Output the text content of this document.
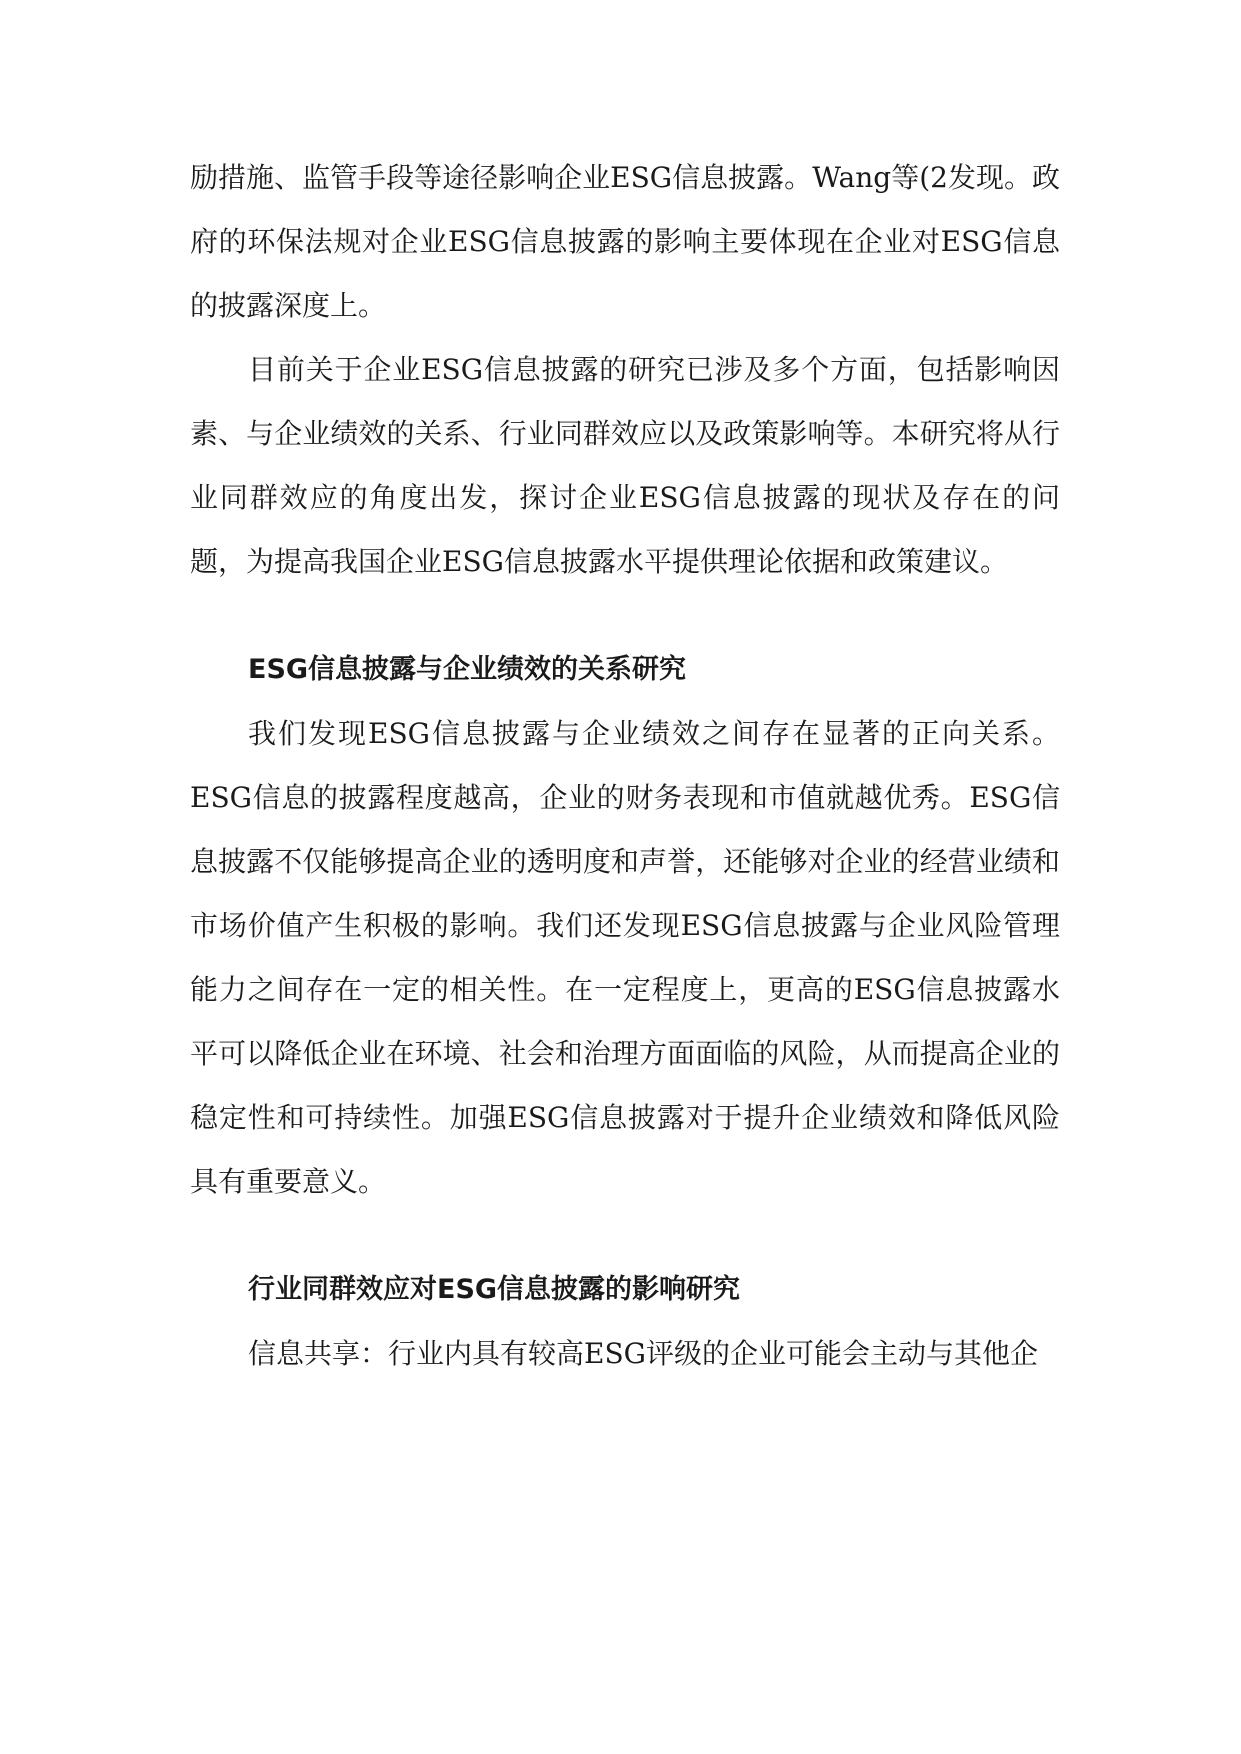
励措施、监管手段等途径影响企业ESG信息披露。Wang等(2发现。政府的环保法规对企业ESG信息披露的影响主要体现在企业对ESG信息的披露深度上。

目前关于企业ESG信息披露的研究已涉及多个方面，包括影响因素、与企业绩效的关系、行业同群效应以及政策影响等。本研究将从行业同群效应的角度出发，探讨企业ESG信息披露的现状及存在的问题，为提高我国企业ESG信息披露水平提供理论依据和政策建议。

ESG信息披露与企业绩效的关系研究

我们发现ESG信息披露与企业绩效之间存在显著的正向关系。ESG信息的披露程度越高，企业的财务表现和市值就越优秀。ESG信息披露不仅能够提高企业的透明度和声誉，还能够对企业的经营业绩和市场价值产生积极的影响。我们还发现ESG信息披露与企业风险管理能力之间存在一定的相关性。在一定程度上，更高的ESG信息披露水平可以降低企业在环境、社会和治理方面面临的风险，从而提高企业的稳定性和可持续性。加强ESG信息披露对于提升企业绩效和降低风险具有重要意义。

行业同群效应对ESG信息披露的影响研究

信息共享：行业内具有较高ESG评级的企业可能会主动与其他企
